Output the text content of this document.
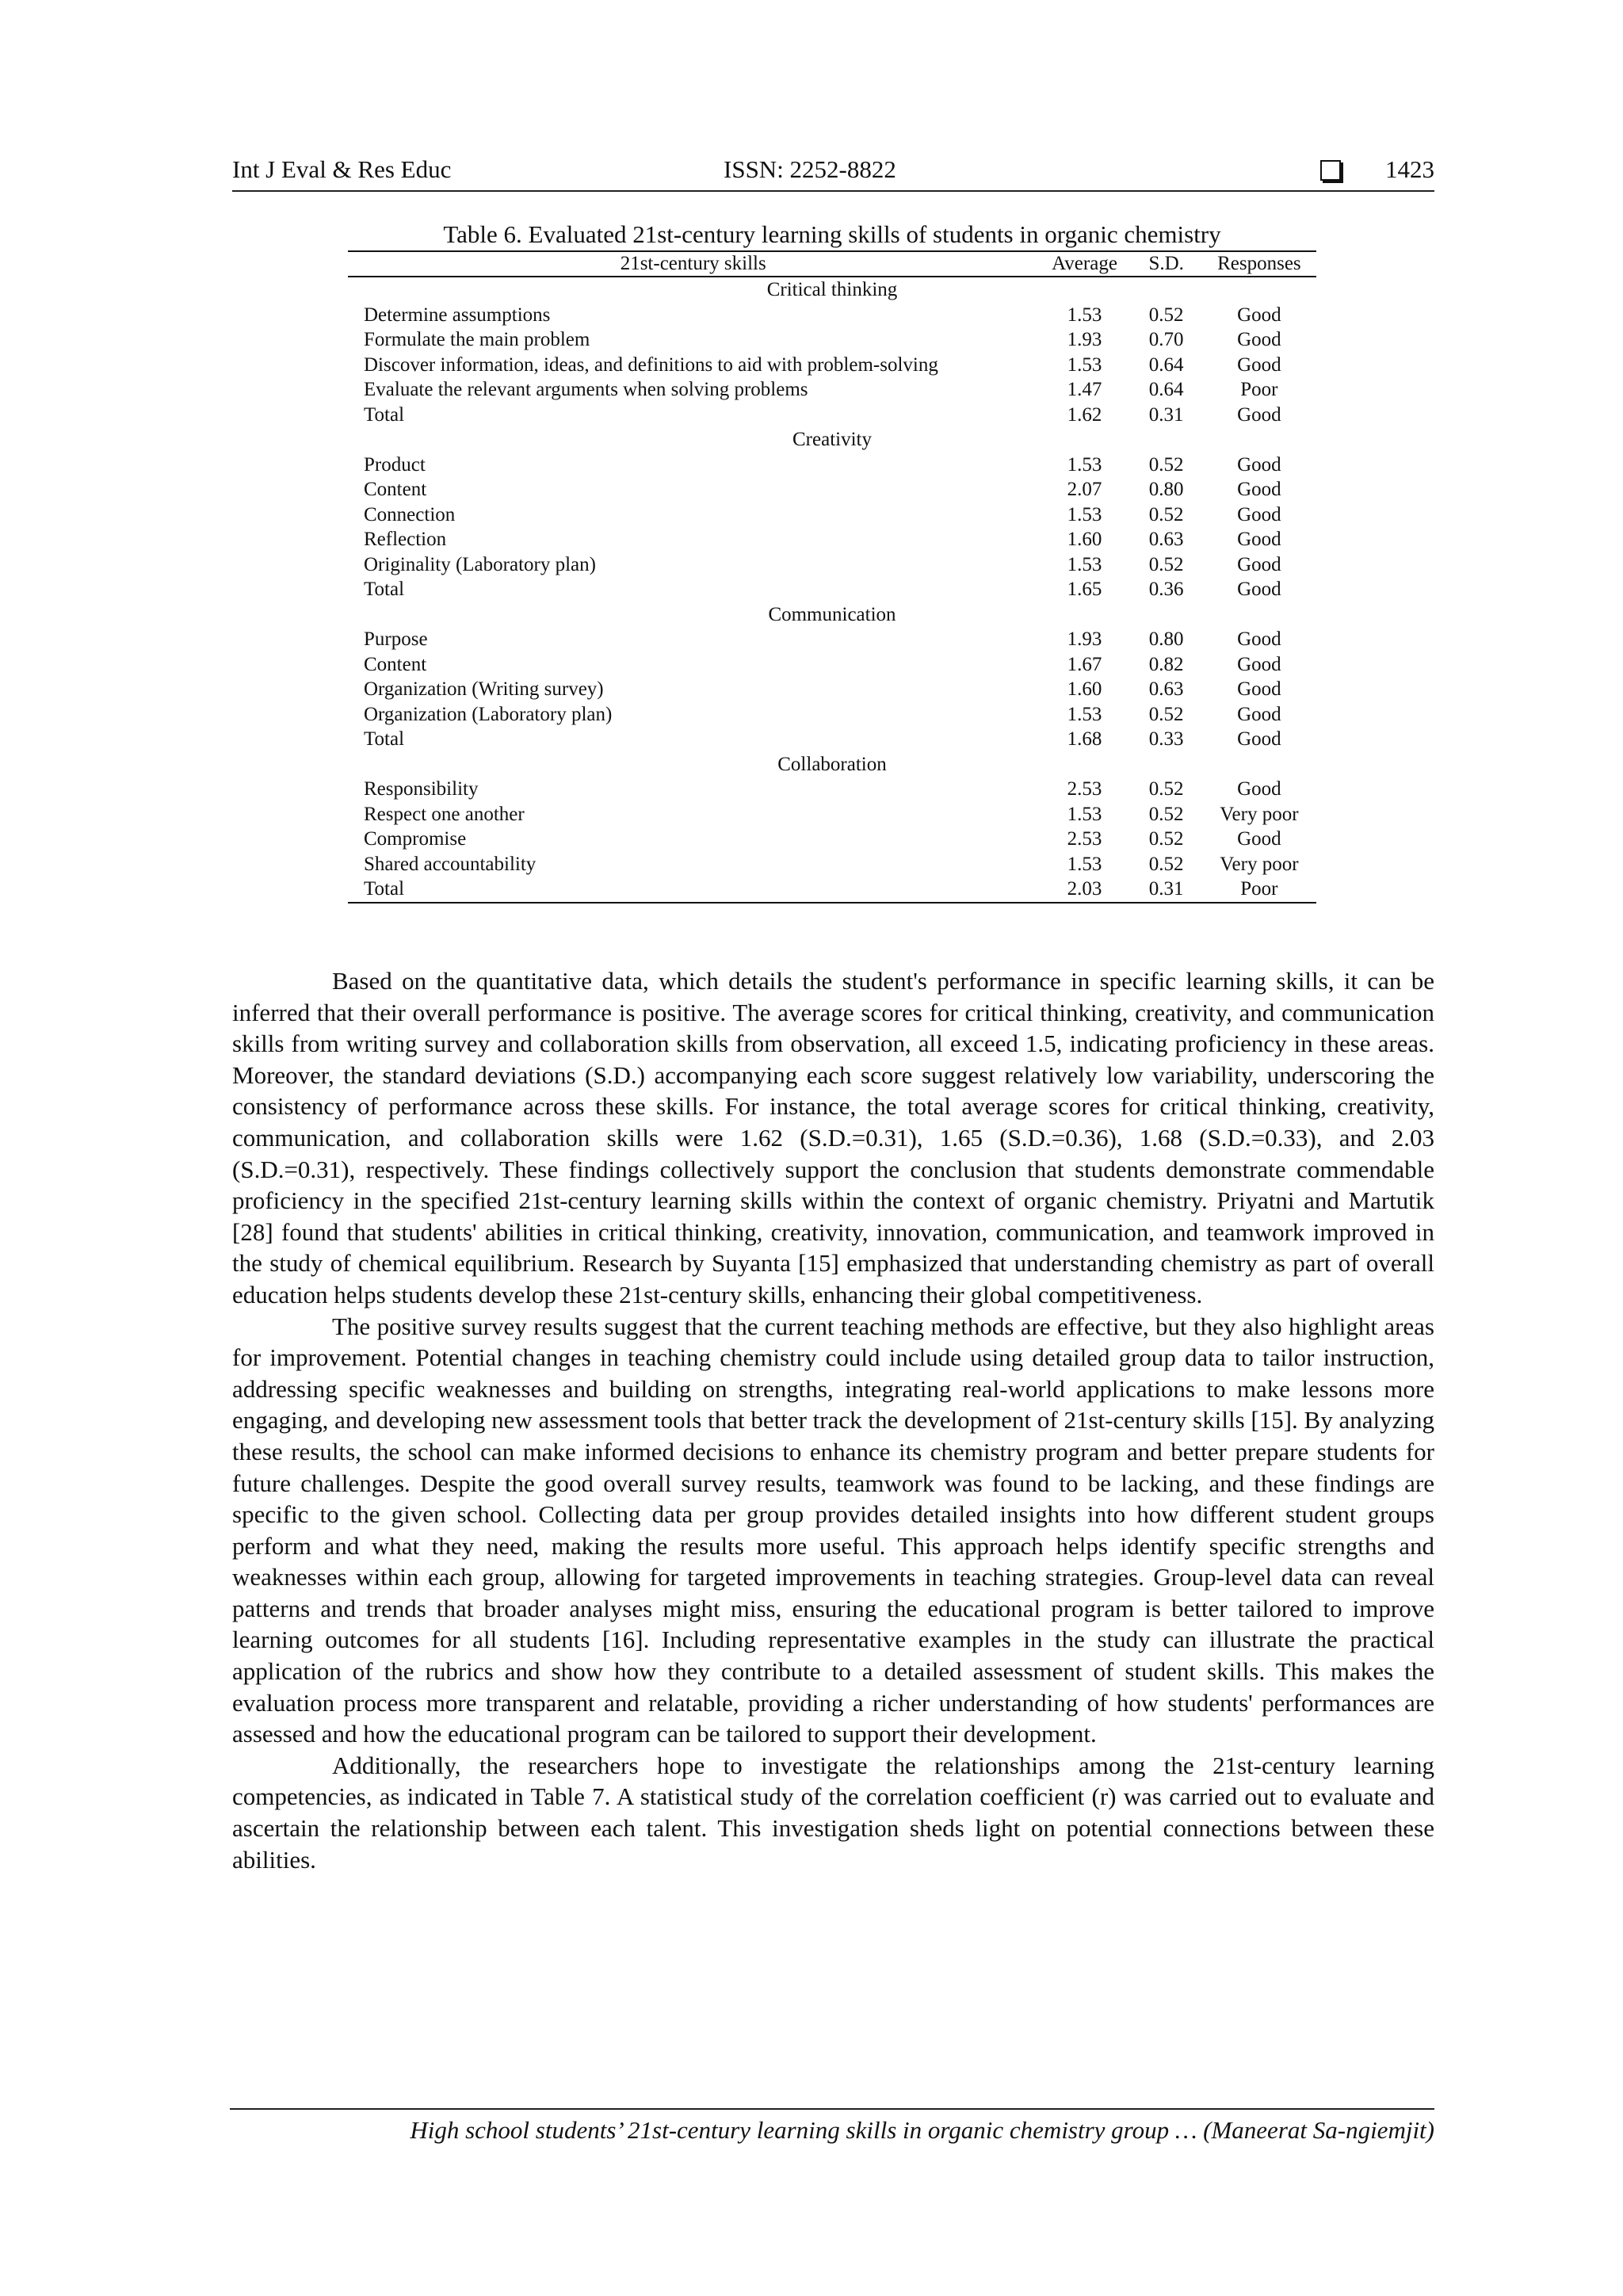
Int J Eval & Res Educ	ISSN: 2252-8822	1423
Table 6. Evaluated 21st-century learning skills of students in organic chemistry
21st-century skills	Average	S.D.	Responses
Critical thinking			
Determine assumptions	1.53	0.52	Good
Formulate the main problem	1.93	0.70	Good
Discover information, ideas, and definitions to aid with problem-solving	1.53	0.64	Good
Evaluate the relevant arguments when solving problems	1.47	0.64	Poor
Total	1.62	0.31	Good
Creativity			
Product	1.53	0.52	Good
Content	2.07	0.80	Good
Connection	1.53	0.52	Good
Reflection	1.60	0.63	Good
Originality (Laboratory plan)	1.53	0.52	Good
Total	1.65	0.36	Good
Communication			
Purpose	1.93	0.80	Good
Content	1.67	0.82	Good
Organization (Writing survey)	1.60	0.63	Good
Organization (Laboratory plan)	1.53	0.52	Good
Total	1.68	0.33	Good
Collaboration			
Responsibility	2.53	0.52	Good
Respect one another	1.53	0.52	Very poor
Compromise	2.53	0.52	Good
Shared accountability	1.53	0.52	Very poor
Total	2.03	0.31	Poor

Based on the quantitative data, which details the student's performance in specific learning skills, it can be inferred that their overall performance is positive. The average scores for critical thinking, creativity, and communication skills from writing survey and collaboration skills from observation, all exceed 1.5, indicating proficiency in these areas. Moreover, the standard deviations (S.D.) accompanying each score suggest relatively low variability, underscoring the consistency of performance across these skills. For instance, the total average scores for critical thinking, creativity, communication, and collaboration skills were 1.62 (S.D.=0.31), 1.65 (S.D.=0.36), 1.68 (S.D.=0.33), and 2.03 (S.D.=0.31), respectively. These findings collectively support the conclusion that students demonstrate commendable proficiency in the specified 21st-century learning skills within the context of organic chemistry. Priyatni and Martutik [28] found that students' abilities in critical thinking, creativity, innovation, communication, and teamwork improved in the study of chemical equilibrium. Research by Suyanta [15] emphasized that understanding chemistry as part of overall education helps students develop these 21st-century skills, enhancing their global competitiveness.

The positive survey results suggest that the current teaching methods are effective, but they also highlight areas for improvement. Potential changes in teaching chemistry could include using detailed group data to tailor instruction, addressing specific weaknesses and building on strengths, integrating real-world applications to make lessons more engaging, and developing new assessment tools that better track the development of 21st-century skills [15]. By analyzing these results, the school can make informed decisions to enhance its chemistry program and better prepare students for future challenges. Despite the good overall survey results, teamwork was found to be lacking, and these findings are specific to the given school. Collecting data per group provides detailed insights into how different student groups perform and what they need, making the results more useful. This approach helps identify specific strengths and weaknesses within each group, allowing for targeted improvements in teaching strategies. Group-level data can reveal patterns and trends that broader analyses might miss, ensuring the educational program is better tailored to improve learning outcomes for all students [16]. Including representative examples in the study can illustrate the practical application of the rubrics and show how they contribute to a detailed assessment of student skills. This makes the evaluation process more transparent and relatable, providing a richer understanding of how students' performances are assessed and how the educational program can be tailored to support their development.

Additionally, the researchers hope to investigate the relationships among the 21st-century learning competencies, as indicated in Table 7. A statistical study of the correlation coefficient (r) was carried out to evaluate and ascertain the relationship between each talent. This investigation sheds light on potential connections between these abilities.

High school students’ 21st-century learning skills in organic chemistry group … (Maneerat Sa-ngiemjit)
